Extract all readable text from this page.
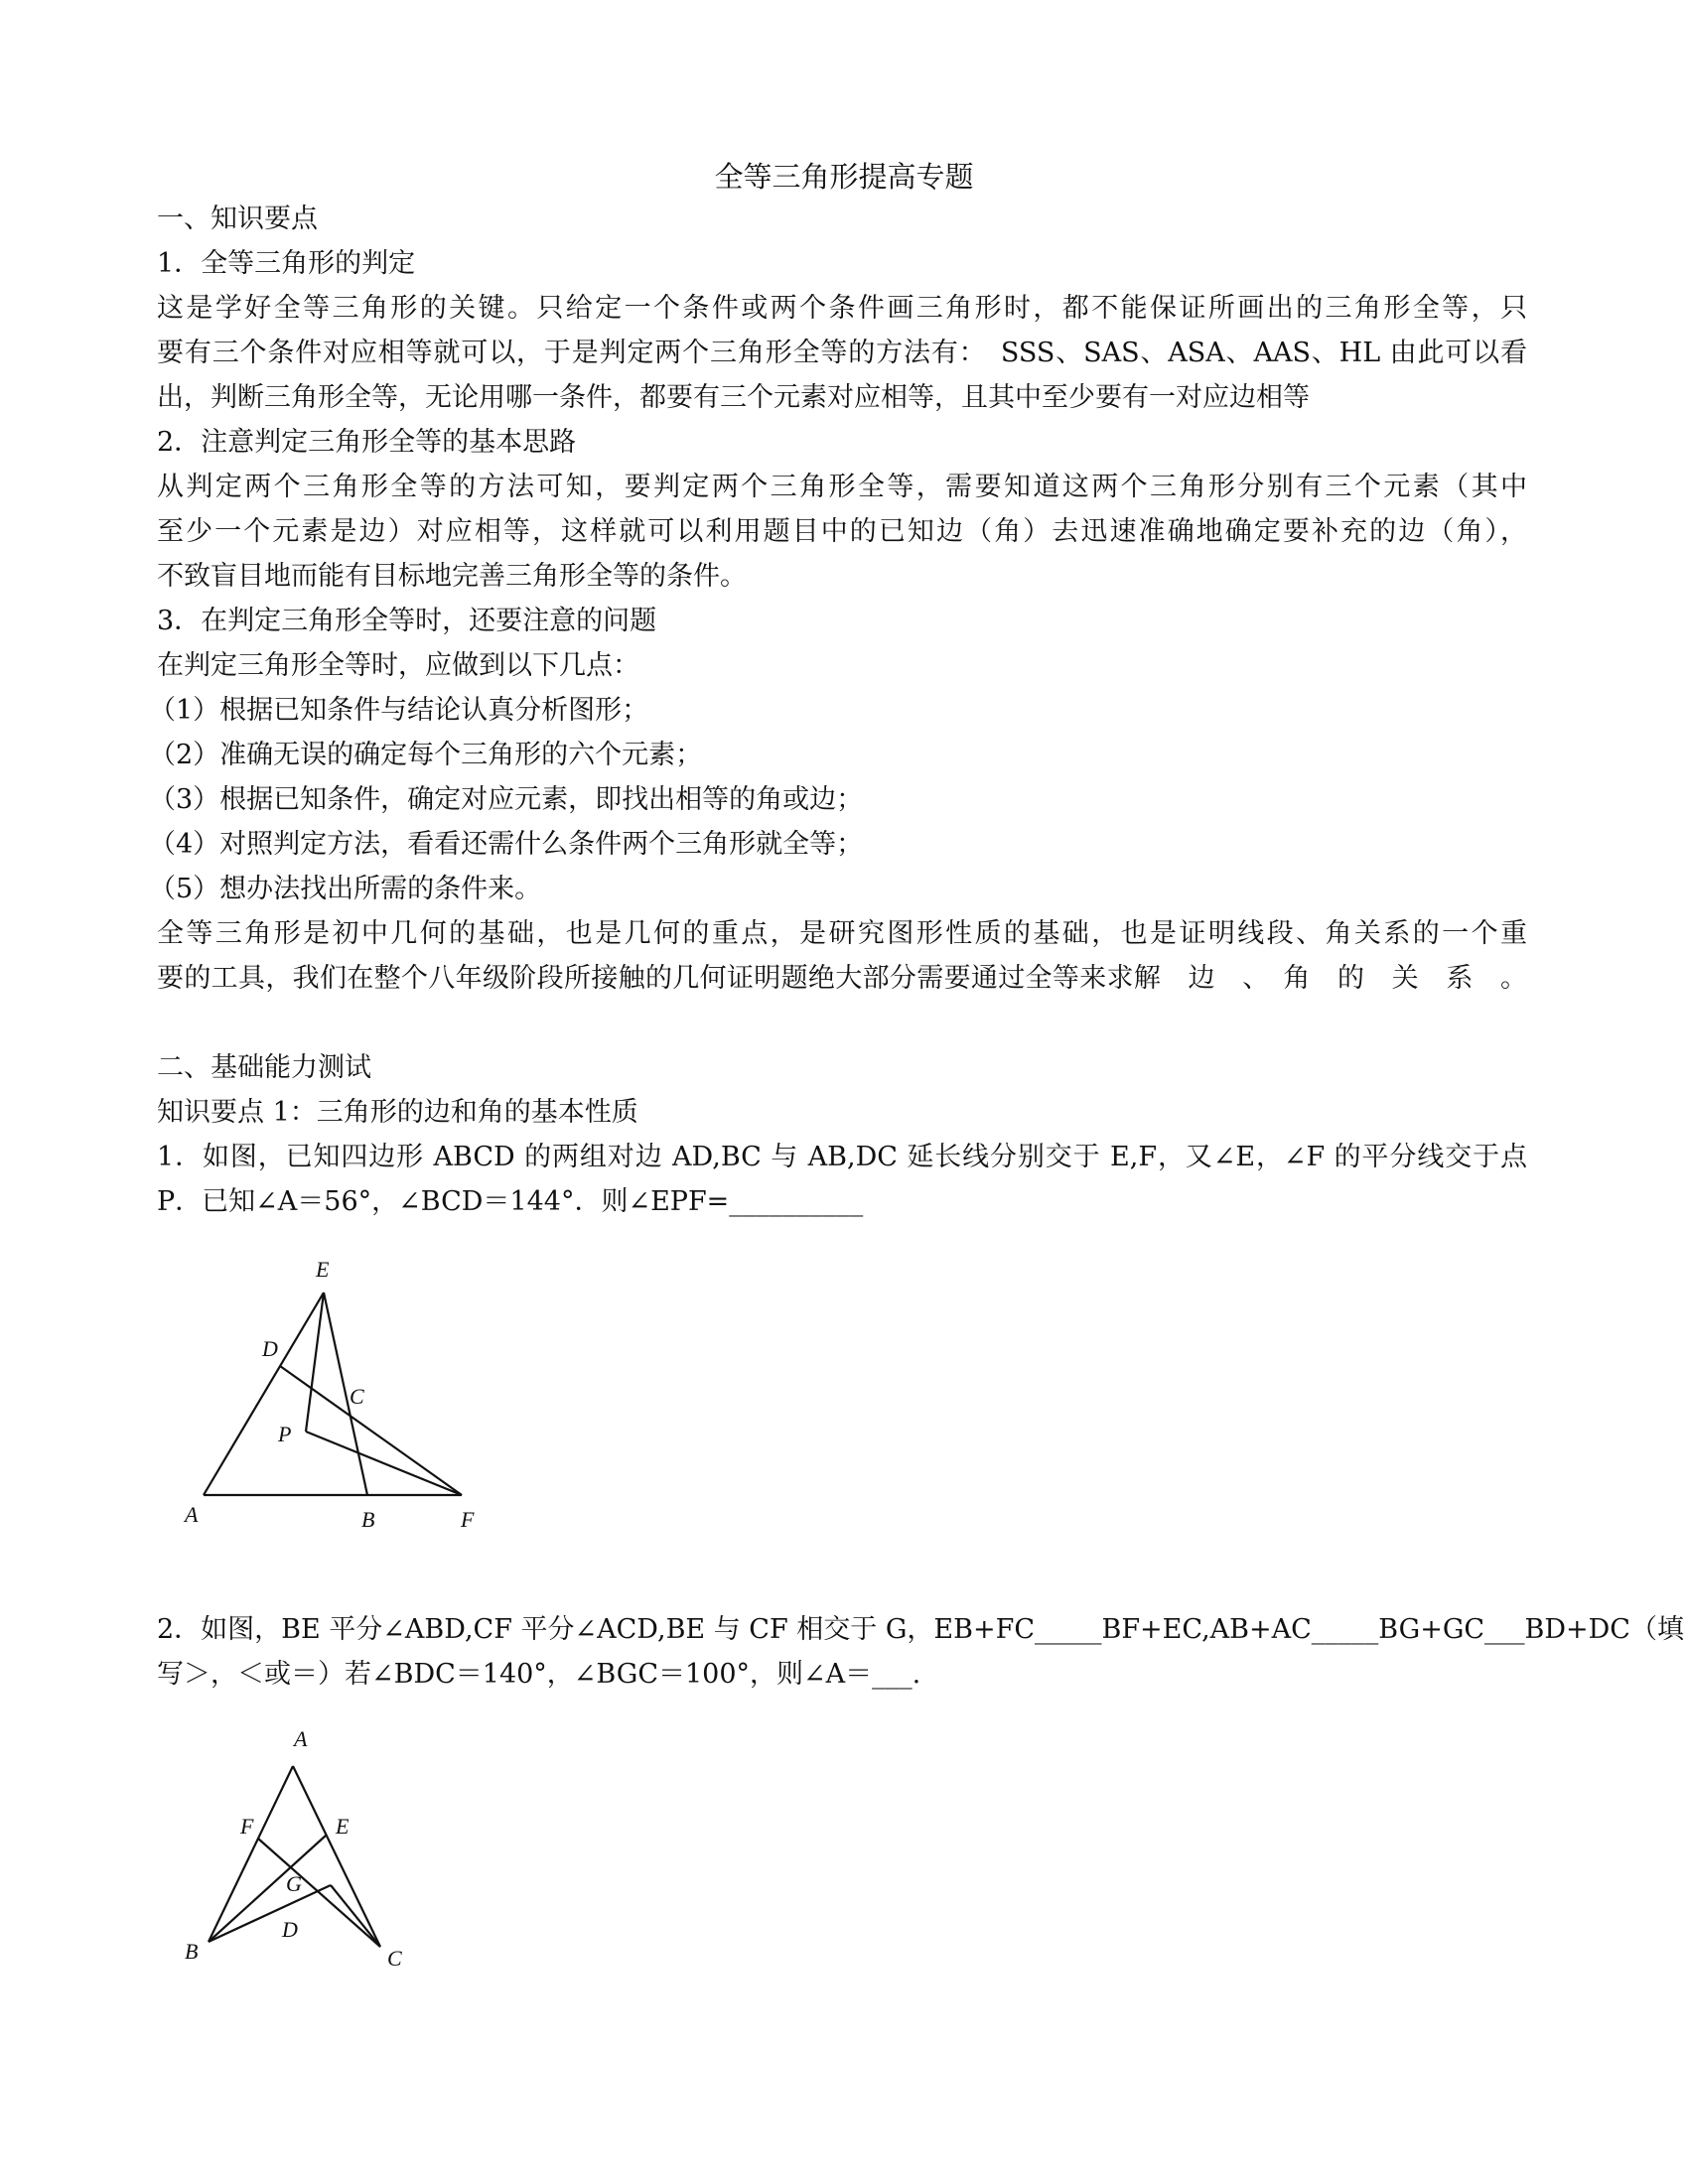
全等三角形提高专题
一、知识要点
1．全等三角形的判定
这是学好全等三角形的关键。只给定一个条件或两个条件画三角形时，都不能保证所画出的三角形全等，只
要有三个条件对应相等就可以，于是判定两个三角形全等的方法有：　SSS、SAS、ASA、AAS、HL 由此可以看
出，判断三角形全等，无论用哪一条件，都要有三个元素对应相等，且其中至少要有一对应边相等
2．注意判定三角形全等的基本思路
从判定两个三角形全等的方法可知，要判定两个三角形全等，需要知道这两个三角形分别有三个元素（其中
至少一个元素是边）对应相等，这样就可以利用题目中的已知边（角）去迅速准确地确定要补充的边（角），
不致盲目地而能有目标地完善三角形全等的条件。
3．在判定三角形全等时，还要注意的问题
在判定三角形全等时，应做到以下几点：
（1）根据已知条件与结论认真分析图形；
（2）准确无误的确定每个三角形的六个元素；
（3）根据已知条件，确定对应元素，即找出相等的角或边；
（4）对照判定方法，看看还需什么条件两个三角形就全等；
（5）想办法找出所需的条件来。
全等三角形是初中几何的基础，也是几何的重点，是研究图形性质的基础，也是证明线段、角关系的一个重
要的工具，我们在整个八年级阶段所接触的几何证明题绝大部分需要通过全等来求解　边　、　角　的　关　系　。
二、基础能力测试
知识要点 1：三角形的边和角的基本性质
1．如图，已知四边形 ABCD 的两组对边 AD,BC 与 AB,DC 延长线分别交于 E,F，又∠E，∠F 的平分线交于点
P．已知∠A＝56°，∠BCD＝144°．则∠EPF=__________
E
D
C
P
A	B	F
2．如图，BE 平分∠ABD,CF 平分∠ACD,BE 与 CF 相交于 G，EB+FC_____BF+EC,AB+AC_____BG+GC___BD+DC（填
写＞，＜或＝）若∠BDC＝140°，∠BGC＝100°，则∠A＝___.
A
F	E
G
D
B	C
